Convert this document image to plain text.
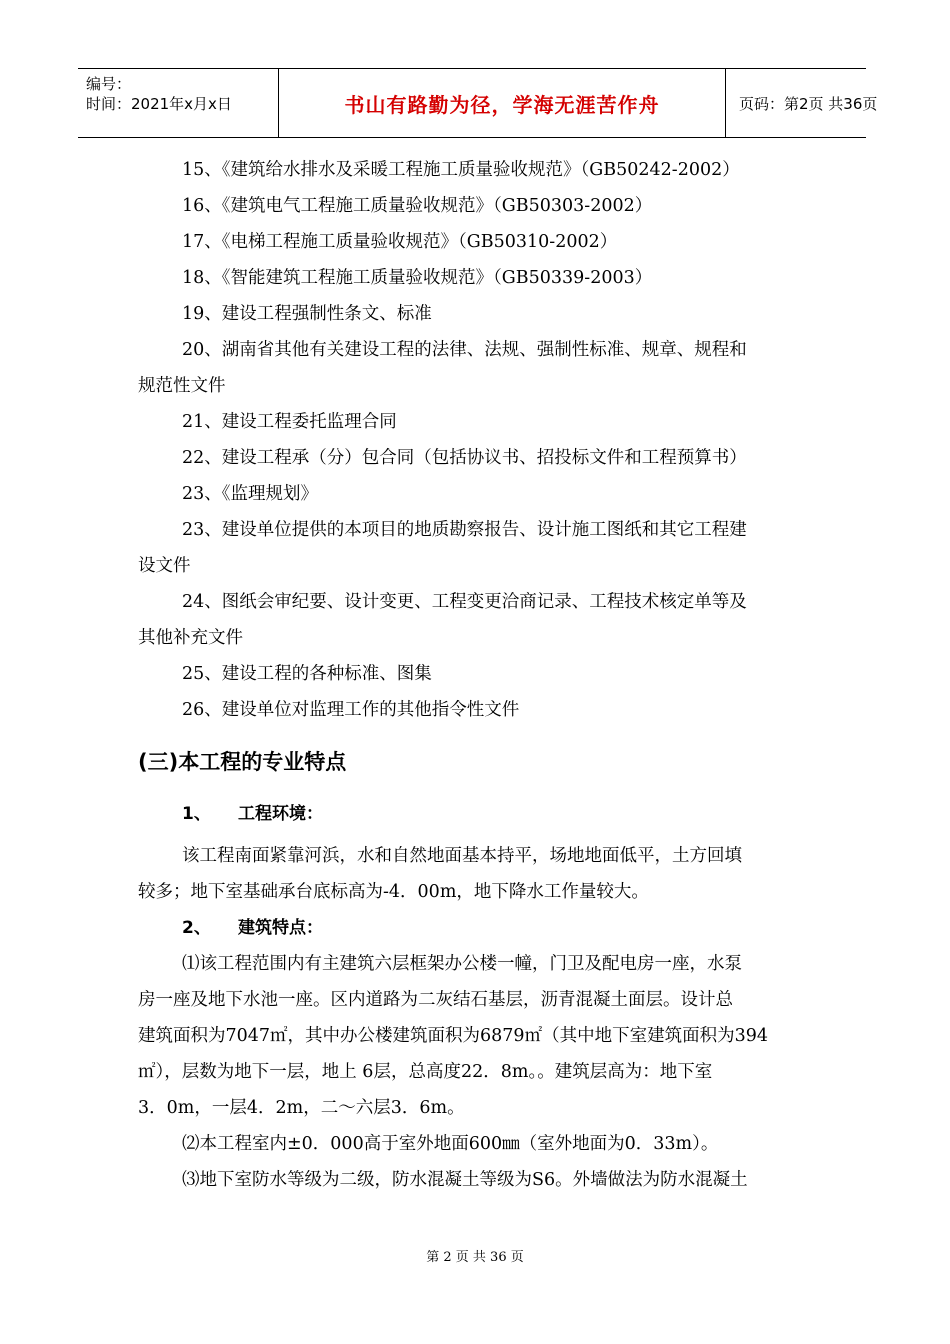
编号：
时间：2021年x月x日	书山有路勤为径，学海无涯苦作舟	页码：第2页 共36页
15、《建筑给水排水及采暖工程施工质量验收规范》（GB50242-2002）
16、《建筑电气工程施工质量验收规范》（GB50303-2002）
17、《电梯工程施工质量验收规范》（GB50310-2002）
18、《智能建筑工程施工质量验收规范》（GB50339-2003）
19、建设工程强制性条文、标准
20、湖南省其他有关建设工程的法律、法规、强制性标准、规章、规程和
规范性文件
21、建设工程委托监理合同
22、建设工程承（分）包合同（包括协议书、招投标文件和工程预算书）
23、《监理规划》
23、建设单位提供的本项目的地质勘察报告、设计施工图纸和其它工程建
设文件
24、图纸会审纪要、设计变更、工程变更洽商记录、工程技术核定单等及
其他补充文件
25、建设工程的各种标准、图集
26、建设单位对监理工作的其他指令性文件
(三)本工程的专业特点
1、 工程环境：
该工程南面紧靠河浜，水和自然地面基本持平，场地地面低平，土方回填
较多；地下室基础承台底标高为-4．00m，地下降水工作量较大。
2、 建筑特点：
⑴该工程范围内有主建筑六层框架办公楼一幢，门卫及配电房一座，水泵
房一座及地下水池一座。区内道路为二灰结石基层，沥青混凝土面层。设计总
建筑面积为7047㎡，其中办公楼建筑面积为6879㎡（其中地下室建筑面积为394
㎡），层数为地下一层，地上 6层，总高度22．8m。。建筑层高为：地下室
3．0m，一层4．2m，二～六层3．6m。
⑵本工程室内±0．000高于室外地面600㎜（室外地面为0．33m）。
⑶地下室防水等级为二级，防水混凝土等级为S6。外墙做法为防水混凝土
第 2 页 共 36 页
